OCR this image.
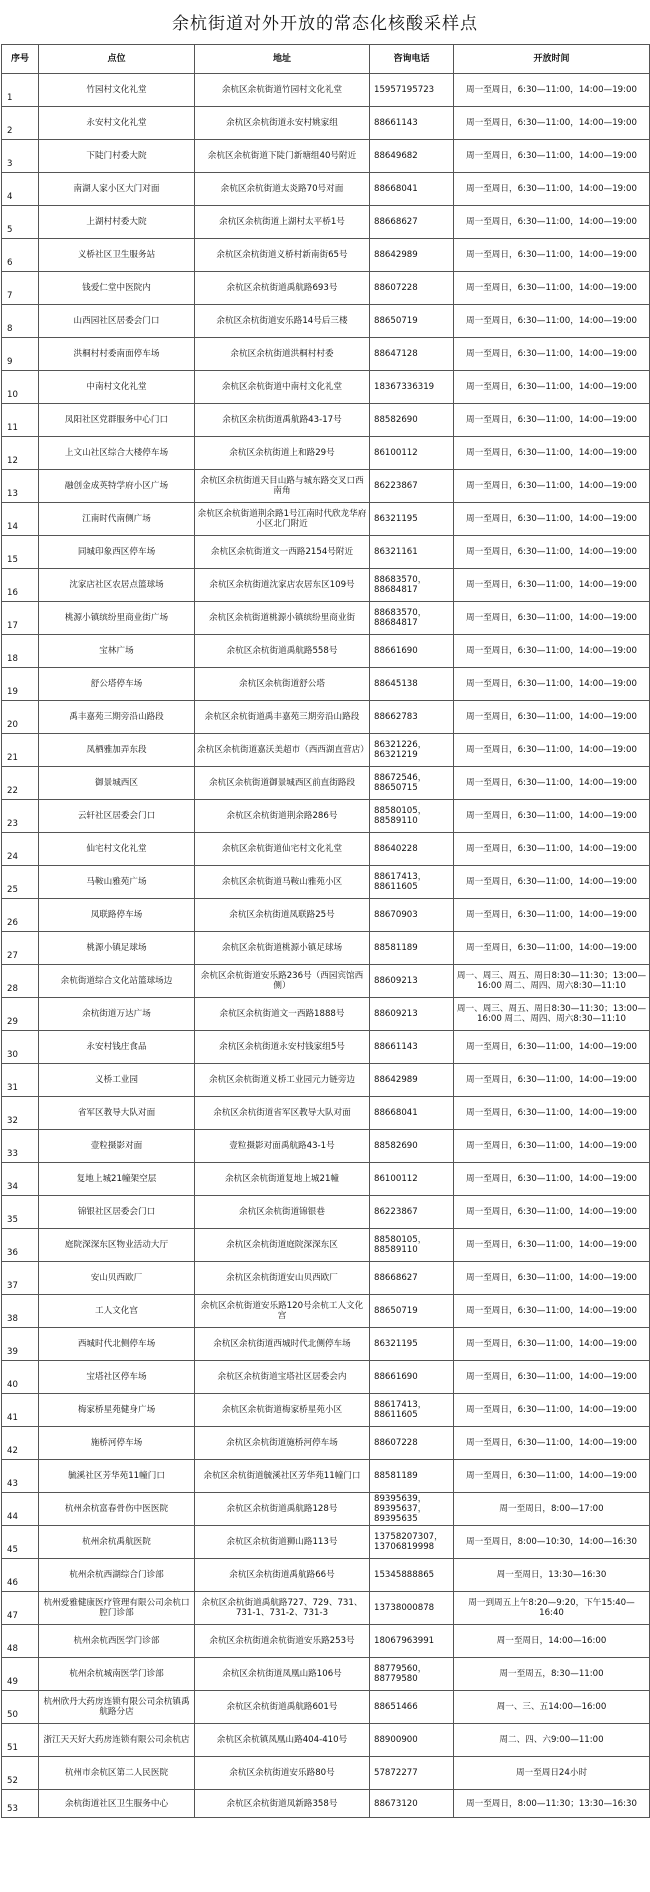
余杭街道对外开放的常态化核酸采样点
序号	点位	地址	咨询电话	开放时间
1	竹园村文化礼堂	余杭区余杭街道竹园村文化礼堂	15957195723	周一至周日，6:30—11:00，14:00—19:00
2	永安村文化礼堂	余杭区余杭街道永安村姚家组	88661143	周一至周日，6:30—11:00，14:00—19:00
3	下陡门村委大院	余杭区余杭街道下陡门新塘组40号附近	88649682	周一至周日，6:30—11:00，14:00—19:00
4	南湖人家小区大门对面	余杭区余杭街道太炎路70号对面	88668041	周一至周日，6:30—11:00，14:00—19:00
5	上湖村村委大院	余杭区余杭街道上湖村太平桥1号	88668627	周一至周日，6:30—11:00，14:00—19:00
6	义桥社区卫生服务站	余杭区余杭街道义桥村新南街65号	88642989	周一至周日，6:30—11:00，14:00—19:00
7	钱爱仁堂中医院内	余杭区余杭街道禹航路693号	88607228	周一至周日，6:30—11:00，14:00—19:00
8	山西园社区居委会门口	余杭区余杭街道安乐路14号后三楼	88650719	周一至周日，6:30—11:00，14:00—19:00
9	洪桐村村委南面停车场	余杭区余杭街道洪桐村村委	88647128	周一至周日，6:30—11:00，14:00—19:00
10	中南村文化礼堂	余杭区余杭街道中南村文化礼堂	18367336319	周一至周日，6:30—11:00，14:00—19:00
11	凤阳社区党群服务中心门口	余杭区余杭街道禹航路43-17号	88582690	周一至周日，6:30—11:00，14:00—19:00
12	上文山社区综合大楼停车场	余杭区余杭街道上和路29号	86100112	周一至周日，6:30—11:00，14:00—19:00
13	融创金成英特学府小区广场	余杭区余杭街道天目山路与城东路交叉口西南角	86223867	周一至周日，6:30—11:00，14:00—19:00
14	江南时代南侧广场	余杭区余杭街道荆余路1号江南时代欣龙华府小区北门附近	86321195	周一至周日，6:30—11:00，14:00—19:00
15	同城印象西区停车场	余杭区余杭街道文一西路2154号附近	86321161	周一至周日，6:30—11:00，14:00—19:00
16	沈家店社区农居点篮球场	余杭区余杭街道沈家店农居东区109号	88683570，88684817	周一至周日，6:30—11:00，14:00—19:00
17	桃源小镇缤纷里商业街广场	余杭区余杭街道桃源小镇缤纷里商业街	88683570，88684817	周一至周日，6:30—11:00，14:00—19:00
18	宝林广场	余杭区余杭街道禹航路558号	88661690	周一至周日，6:30—11:00，14:00—19:00
19	舒公塔停车场	余杭区余杭街道舒公塔	88645138	周一至周日，6:30—11:00，14:00—19:00
20	禹丰嘉苑三期旁沿山路段	余杭区余杭街道禹丰嘉苑三期旁沿山路段	88662783	周一至周日，6:30—11:00，14:00—19:00
21	凤栖雅加弄东段	余杭区余杭街道嘉沃美超市（西西湖直营店）	86321226，86321219	周一至周日，6:30—11:00，14:00—19:00
22	御景城西区	余杭区余杭街道御景城西区前直街路段	88672546，88650715	周一至周日，6:30—11:00，14:00—19:00
23	云轩社区居委会门口	余杭区余杭街道荆余路286号	88580105，88589110	周一至周日，6:30—11:00，14:00—19:00
24	仙宅村文化礼堂	余杭区余杭街道仙宅村文化礼堂	88640228	周一至周日，6:30—11:00，14:00—19:00
25	马鞍山雅苑广场	余杭区余杭街道马鞍山雅苑小区	88617413，88611605	周一至周日，6:30—11:00，14:00—19:00
26	凤联路停车场	余杭区余杭街道凤联路25号	88670903	周一至周日，6:30—11:00，14:00—19:00
27	桃源小镇足球场	余杭区余杭街道桃源小镇足球场	88581189	周一至周日，6:30—11:00，14:00—19:00
28	余杭街道综合文化站篮球场边	余杭区余杭街道安乐路236号（西园宾馆西侧）	88609213	周一、周三、周五、周日8:30—11:30；13:00—16:00 周二、周四、周六8:30—11:10
29	余杭街道万达广场	余杭区余杭街道文一西路1888号	88609213	周一、周三、周五、周日8:30—11:30；13:00—16:00 周二、周四、周六8:30—11:10
30	永安村钱庄食品	余杭区余杭街道永安村钱家组5号	88661143	周一至周日，6:30—11:00，14:00—19:00
31	义桥工业园	余杭区余杭街道义桥工业园元力链旁边	88642989	周一至周日，6:30—11:00，14:00—19:00
32	省军区教导大队对面	余杭区余杭街道省军区教导大队对面	88668041	周一至周日，6:30—11:00，14:00—19:00
33	壹粒摄影对面	壹粒摄影对面禹航路43-1号	88582690	周一至周日，6:30—11:00，14:00—19:00
34	复地上城21幢架空层	余杭区余杭街道复地上城21幢	86100112	周一至周日，6:30—11:00，14:00—19:00
35	锦银社区居委会门口	余杭区余杭街道锦银巷	86223867	周一至周日，6:30—11:00，14:00—19:00
36	庭院深深东区物业活动大厅	余杭区余杭街道庭院深深东区	88580105，88589110	周一至周日，6:30—11:00，14:00—19:00
37	安山贝西欧厂	余杭区余杭街道安山贝西欧厂	88668627	周一至周日，6:30—11:00，14:00—19:00
38	工人文化宫	余杭区余杭街道安乐路120号余杭工人文化宫	88650719	周一至周日，6:30—11:00，14:00—19:00
39	西城时代北侧停车场	余杭区余杭街道西城时代北侧停车场	86321195	周一至周日，6:30—11:00，14:00—19:00
40	宝塔社区停车场	余杭区余杭街道宝塔社区居委会内	88661690	周一至周日，6:30—11:00，14:00—19:00
41	梅家桥星苑健身广场	余杭区余杭街道梅家桥星苑小区	88617413，88611605	周一至周日，6:30—11:00，14:00—19:00
42	施桥河停车场	余杭区余杭街道施桥河停车场	88607228	周一至周日，6:30—11:00，14:00—19:00
43	毓溪社区芳华苑11幢门口	余杭区余杭街道毓溪社区芳华苑11幢门口	88581189	周一至周日，6:30—11:00，14:00—19:00
44	杭州余杭富春骨伤中医医院	余杭区余杭街道禹航路128号	89395639，89395637，89395635	周一至周日，8:00—17:00
45	杭州余杭禹航医院	余杭区余杭街道狮山路113号	13758207307，13706819998	周一至周日，8:00—10:30，14:00—16:30
46	杭州余杭西湖综合门诊部	余杭区余杭街道禹航路66号	15345888865	周一至周日，13:30—16:30
47	杭州爱雅健康医疗管理有限公司余杭口腔门诊部	余杭区余杭街道禹航路727、729、731、731-1、731-2、731-3	13738000878	周一到周五上午8:20—9:20，下午15:40—16:40
48	杭州余杭西医学门诊部	余杭区余杭街道余杭街道安乐路253号	18067963991	周一至周日，14:00—16:00
49	杭州余杭城南医学门诊部	余杭区余杭街道凤凰山路106号	88779560，88779580	周一至周五，8:30—11:00
50	杭州欣丹大药房连锁有限公司余杭镇禹航路分店	余杭区余杭街道禹航路601号	88651466	周一、三、五14:00—16:00
51	浙江天天好大药房连锁有限公司余杭店	余杭区余杭镇凤凰山路404-410号	88900900	周二、四、六9:00—11:00
52	杭州市余杭区第二人民医院	余杭区余杭街道安乐路80号	57872277	周一至周日24小时
53	余杭街道社区卫生服务中心	余杭区余杭街道凤新路358号	88673120	周一至周日，8:00—11:30；13:30—16:30
